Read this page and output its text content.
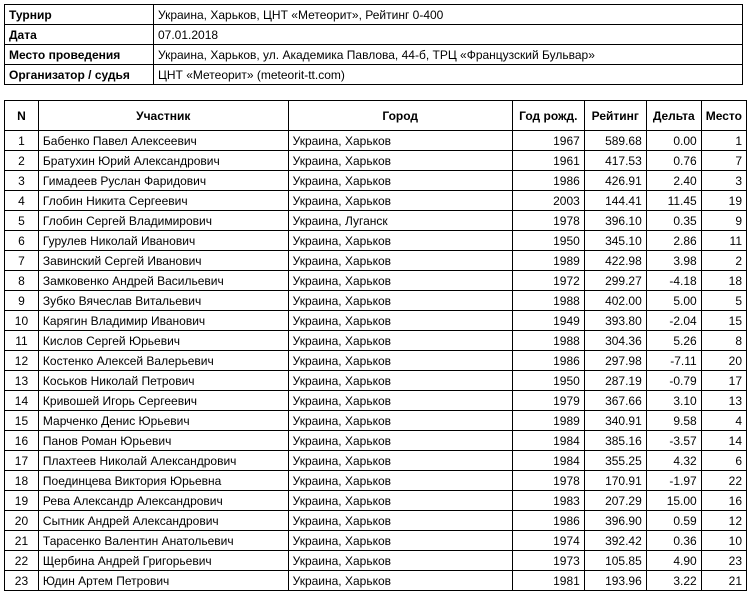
Турнир	Украина, Харьков, ЦНТ «Метеорит», Рейтинг 0-400
Дата	07.01.2018
Место проведения	Украина, Харьков, ул. Академика Павлова, 44-б, ТРЦ «Французский Бульвар»
Организатор / судья	ЦНТ «Метеорит» (meteorit-tt.com)
N	Участник	Город	Год рожд.	Рейтинг	Дельта	Место
1	Бабенко Павел Алексеевич	Украина, Харьков	1967	589.68	0.00	1
2	Братухин Юрий Александрович	Украина, Харьков	1961	417.53	0.76	7
3	Гимадеев Руслан Фаридович	Украина, Харьков	1986	426.91	2.40	3
4	Глобин Никита Сергеевич	Украина, Харьков	2003	144.41	11.45	19
5	Глобин Сергей Владимирович	Украина, Луганск	1978	396.10	0.35	9
6	Гурулев Николай Иванович	Украина, Харьков	1950	345.10	2.86	11
7	Завинский Сергей Иванович	Украина, Харьков	1989	422.98	3.98	2
8	Замковенко Андрей Васильевич	Украина, Харьков	1972	299.27	-4.18	18
9	Зубко Вячеслав Витальевич	Украина, Харьков	1988	402.00	5.00	5
10	Карягин Владимир Иванович	Украина, Харьков	1949	393.80	-2.04	15
11	Кислов Сергей Юрьевич	Украина, Харьков	1988	304.36	5.26	8
12	Костенко Алексей Валерьевич	Украина, Харьков	1986	297.98	-7.11	20
13	Коськов Николай Петрович	Украина, Харьков	1950	287.19	-0.79	17
14	Кривошей Игорь Сергеевич	Украина, Харьков	1979	367.66	3.10	13
15	Марченко Денис Юрьевич	Украина, Харьков	1989	340.91	9.58	4
16	Панов Роман Юрьевич	Украина, Харьков	1984	385.16	-3.57	14
17	Плахтеев Николай Александрович	Украина, Харьков	1984	355.25	4.32	6
18	Поединцева Виктория Юрьевна	Украина, Харьков	1978	170.91	-1.97	22
19	Рева Александр Александрович	Украина, Харьков	1983	207.29	15.00	16
20	Сытник Андрей Александрович	Украина, Харьков	1986	396.90	0.59	12
21	Тарасенко Валентин Анатольевич	Украина, Харьков	1974	392.42	0.36	10
22	Щербина Андрей Григорьевич	Украина, Харьков	1973	105.85	4.90	23
23	Юдин Артем Петрович	Украина, Харьков	1981	193.96	3.22	21
